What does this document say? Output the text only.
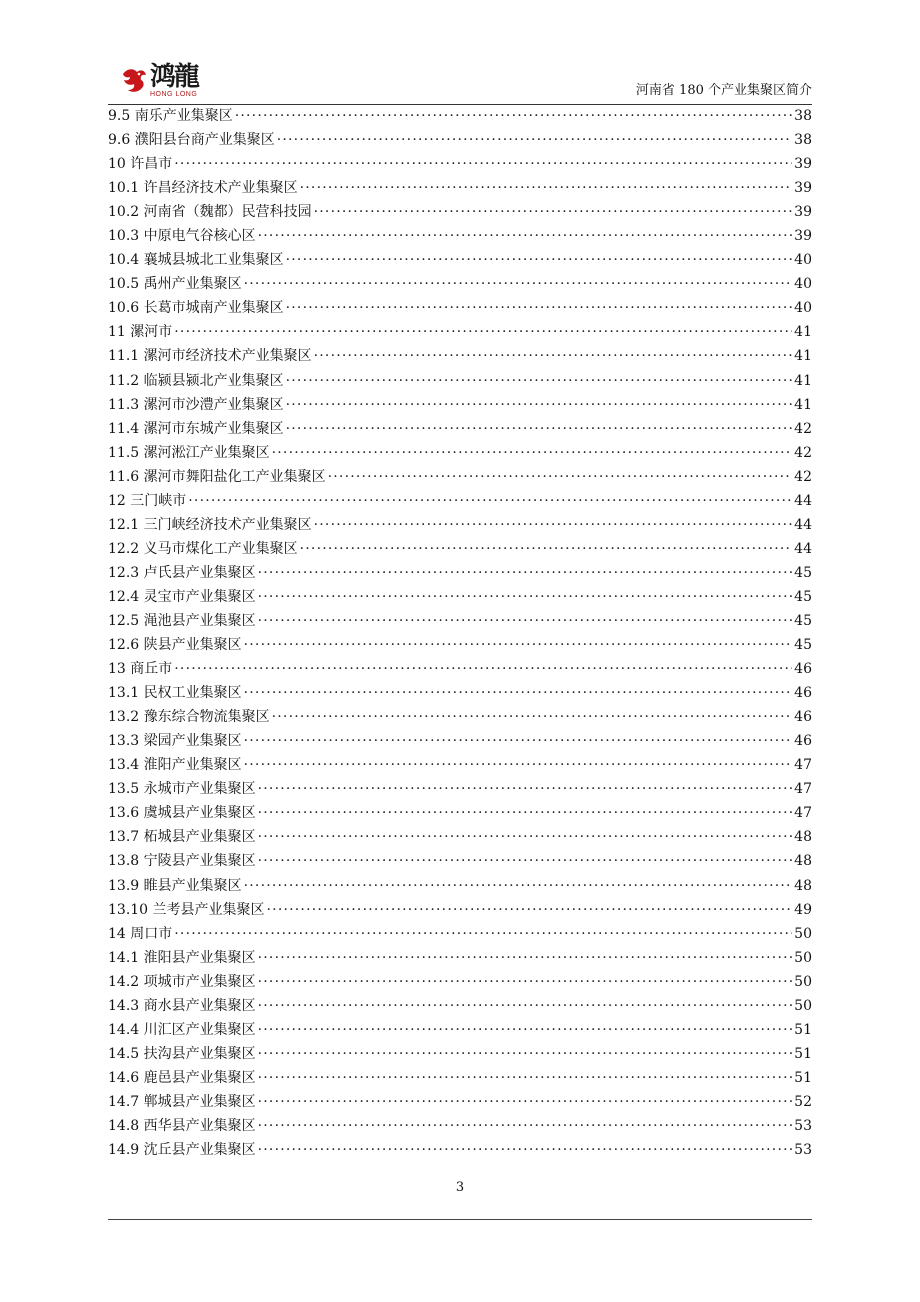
鸿龍
HONG LONG	河南省 180 个产业集聚区简介
9.5 南乐产业集聚区 ·····	38
9.6 濮阳县台商产业集聚区 ·····	38
10 许昌市 ·····	39
10.1 许昌经济技术产业集聚区 ·····	39
10.2 河南省（魏都）民营科技园 ·····	39
10.3 中原电气谷核心区 ·····	39
10.4 襄城县城北工业集聚区 ·····	40
10.5 禹州产业集聚区 ·····	40
10.6 长葛市城南产业集聚区 ·····	40
11 漯河市 ·····	41
11.1 漯河市经济技术产业集聚区 ·····	41
11.2 临颍县颍北产业集聚区 ·····	41
11.3 漯河市沙澧产业集聚区 ·····	41
11.4 漯河市东城产业集聚区 ·····	42
11.5 漯河淞江产业集聚区 ·····	42
11.6 漯河市舞阳盐化工产业集聚区 ·····	42
12 三门峡市 ·····	44
12.1 三门峡经济技术产业集聚区 ·····	44
12.2 义马市煤化工产业集聚区 ·····	44
12.3 卢氏县产业集聚区 ·····	45
12.4 灵宝市产业集聚区 ·····	45
12.5 渑池县产业集聚区 ·····	45
12.6 陕县产业集聚区 ·····	45
13 商丘市 ·····	46
13.1 民权工业集聚区 ·····	46
13.2 豫东综合物流集聚区 ·····	46
13.3 梁园产业集聚区 ·····	46
13.4 淮阳产业集聚区 ·····	47
13.5 永城市产业集聚区 ·····	47
13.6 虞城县产业集聚区 ·····	47
13.7 柘城县产业集聚区 ·····	48
13.8 宁陵县产业集聚区 ·····	48
13.9 睢县产业集聚区 ·····	48
13.10 兰考县产业集聚区 ·····	49
14 周口市 ·····	50
14.1 淮阳县产业集聚区 ·····	50
14.2 项城市产业集聚区 ·····	50
14.3 商水县产业集聚区 ·····	50
14.4 川汇区产业集聚区 ·····	51
14.5 扶沟县产业集聚区 ·····	51
14.6 鹿邑县产业集聚区 ·····	51
14.7 郸城县产业集聚区 ·····	52
14.8 西华县产业集聚区 ·····	53
14.9 沈丘县产业集聚区 ·····	53
3
